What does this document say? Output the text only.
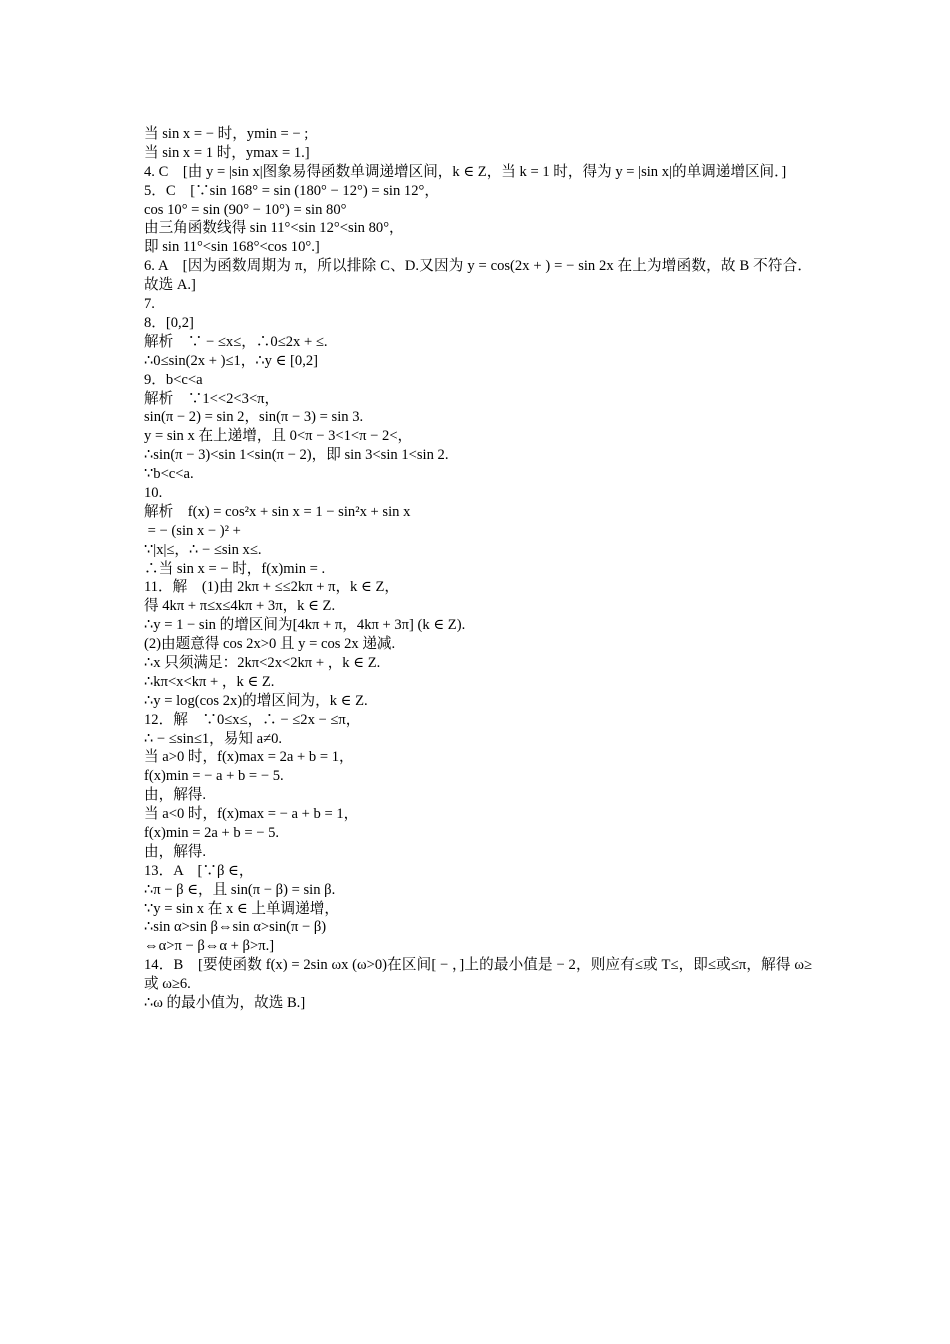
当 sin x = − 时，ymin = − ;
当 sin x = 1 时，ymax = 1.]
4. C　[由 y = |sin x|图象易得函数单调递增区间，k ∈ Z，当 k = 1 时，得为 y = |sin x|的单调递增区间．]
5．C　[∵sin 168° = sin (180° − 12°) = sin 12°，
cos 10° = sin (90° − 10°) = sin 80°
由三角函数线得 sin 11°<sin 12°<sin 80°，
即 sin 11°<sin 168°<cos 10°.]
6. A　[因为函数周期为 π，所以排除 C、D.又因为 y = cos(2x + ) = − sin 2x 在上为增函数，故 B 不符合．故选 A.]
7.
8．[0,2]
解析　∵ − ≤x≤，∴0≤2x + ≤.
∴0≤sin(2x + )≤1，∴y ∈ [0,2]
9．b<c<a
解析　∵1<<2<3<π，
sin(π − 2) = sin 2，sin(π − 3) = sin 3.
y = sin x 在上递增，且 0<π − 3<1<π − 2<，
∴sin(π − 3)<sin 1<sin(π − 2)，即 sin 3<sin 1<sin 2.
∵b<c<a.
10.
解析　f(x) = cos²x + sin x = 1 − sin²x + sin x
= − (sin x − )² +
∵|x|≤，∴ − ≤sin x≤.
∴当 sin x = − 时，f(x)min = .
11．解　(1)由 2kπ + ≤≤2kπ + π，k ∈ Z，
得 4kπ + π≤x≤4kπ + 3π，k ∈ Z.
∴y = 1 − sin 的增区间为[4kπ + π，4kπ + 3π] (k ∈ Z).
(2)由题意得 cos 2x>0 且 y = cos 2x 递减.
∴x 只须满足：2kπ<2x<2kπ + ，k ∈ Z.
∴kπ<x<kπ + ，k ∈ Z.
∴y = log(cos 2x)的增区间为，k ∈ Z.
12．解　∵0≤x≤，∴ − ≤2x − ≤π，
∴ − ≤sin≤1，易知 a≠0.
当 a>0 时，f(x)max = 2a + b = 1，
f(x)min = − a + b = − 5.
由，解得.
当 a<0 时，f(x)max = − a + b = 1，
f(x)min = 2a + b = − 5.
由，解得.
13．A　[∵β ∈，
∴π − β ∈，且 sin(π − β) = sin β.
∵y = sin x 在 x ∈ 上单调递增，
∴sin α>sin β⇔sin α>sin(π − β)
⇔α>π − β⇔α + β>π.]
14．B　[要使函数 f(x) = 2sin ωx (ω>0)在区间[ − ，]上的最小值是 − 2，则应有≤或 T≤，即≤或≤π，解得 ω≥或 ω≥6.
∴ω 的最小值为，故选 B.]
